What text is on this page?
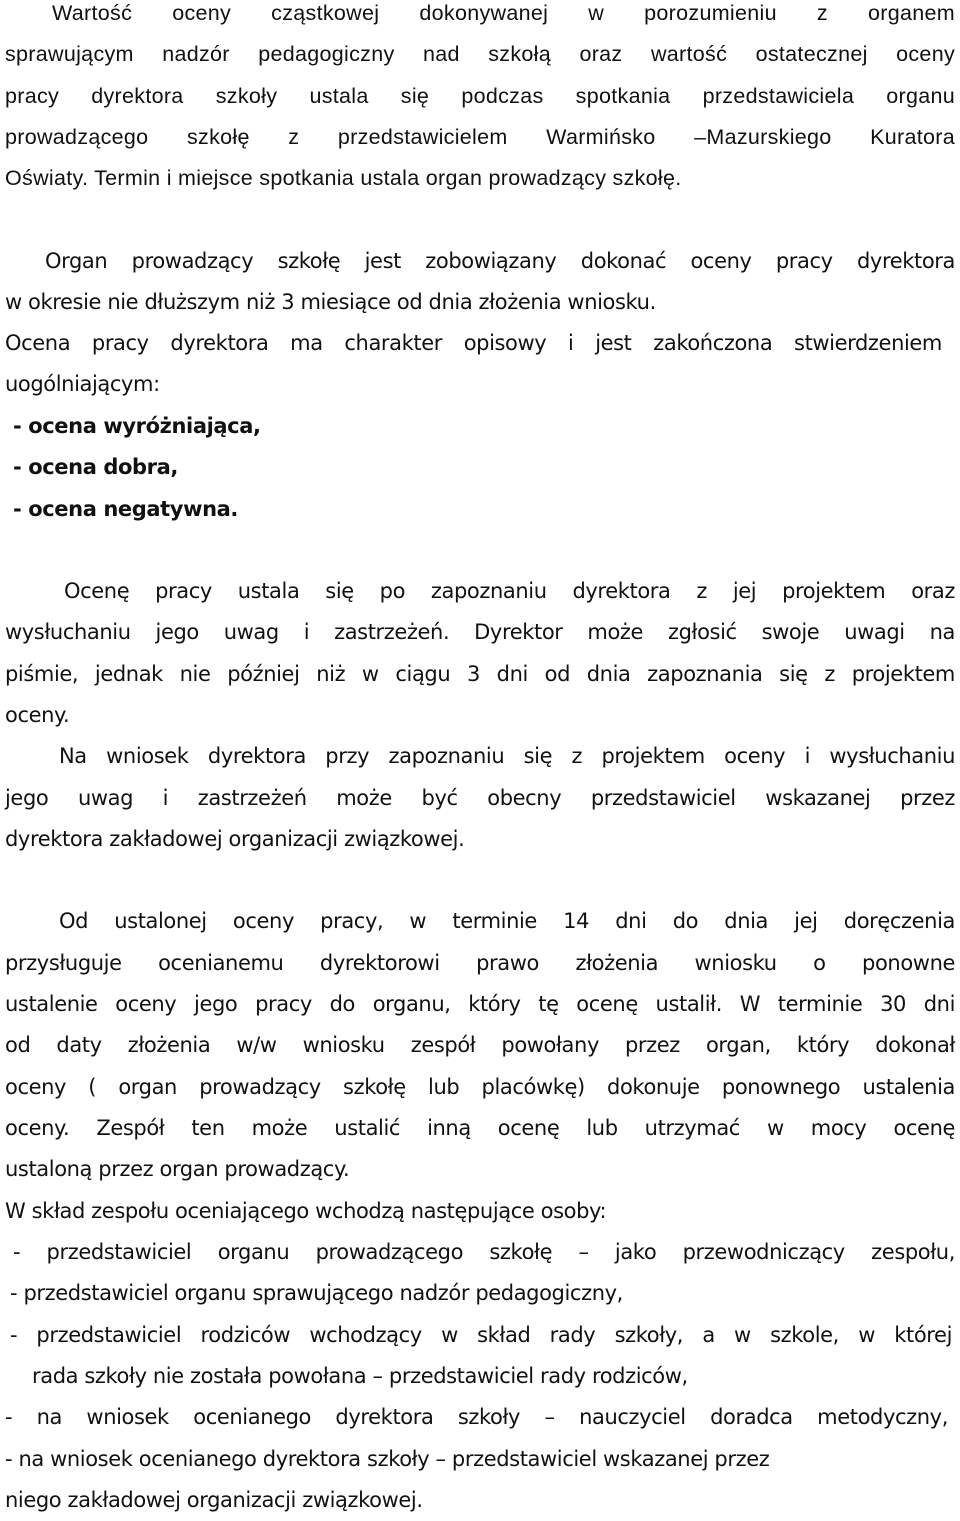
Wartość oceny cząstkowej dokonywanej w porozumieniu z organem
sprawującym nadzór pedagogiczny nad szkołą oraz wartość ostatecznej oceny
pracy dyrektora szkoły ustala się podczas spotkania przedstawiciela organu
prowadzącego szkołę z przedstawicielem Warmińsko –Mazurskiego Kuratora
Oświaty. Termin i miejsce spotkania ustala organ prowadzący szkołę.
Organ prowadzący szkołę jest zobowiązany dokonać oceny pracy dyrektora
w okresie nie dłuższym niż 3 miesiące od dnia złożenia wniosku.
Ocena pracy dyrektora ma charakter opisowy i jest zakończona stwierdzeniem
uogólniającym:
- ocena wyróżniająca,
- ocena dobra,
- ocena negatywna.
Ocenę pracy ustala się po zapoznaniu dyrektora z jej projektem oraz
wysłuchaniu jego uwag i zastrzeżeń. Dyrektor może zgłosić swoje uwagi na
piśmie, jednak nie później niż w ciągu 3 dni od dnia zapoznania się z projektem
oceny.
Na wniosek dyrektora przy zapoznaniu się z projektem oceny i wysłuchaniu
jego uwag i zastrzeżeń może być obecny przedstawiciel wskazanej przez
dyrektora zakładowej organizacji związkowej.
Od ustalonej oceny pracy, w terminie 14 dni do dnia jej doręczenia
przysługuje ocenianemu dyrektorowi prawo złożenia wniosku o ponowne
ustalenie oceny jego pracy do organu, który tę ocenę ustalił. W terminie 30 dni
od daty złożenia w/w wniosku zespół powołany przez organ, który dokonał
oceny ( organ prowadzący szkołę lub placówkę) dokonuje ponownego ustalenia
oceny. Zespół ten może ustalić inną ocenę lub utrzymać w mocy ocenę
ustaloną przez organ prowadzący.
W skład zespołu oceniającego wchodzą następujące osoby:
- przedstawiciel organu prowadzącego szkołę – jako przewodniczący zespołu,
- przedstawiciel organu sprawującego nadzór pedagogiczny,
- przedstawiciel rodziców wchodzący w skład rady szkoły, a w szkole, w której
rada szkoły nie została powołana – przedstawiciel rady rodziców,
- na wniosek ocenianego dyrektora szkoły – nauczyciel doradca metodyczny,
- na wniosek ocenianego dyrektora szkoły – przedstawiciel wskazanej przez
niego zakładowej organizacji związkowej.
